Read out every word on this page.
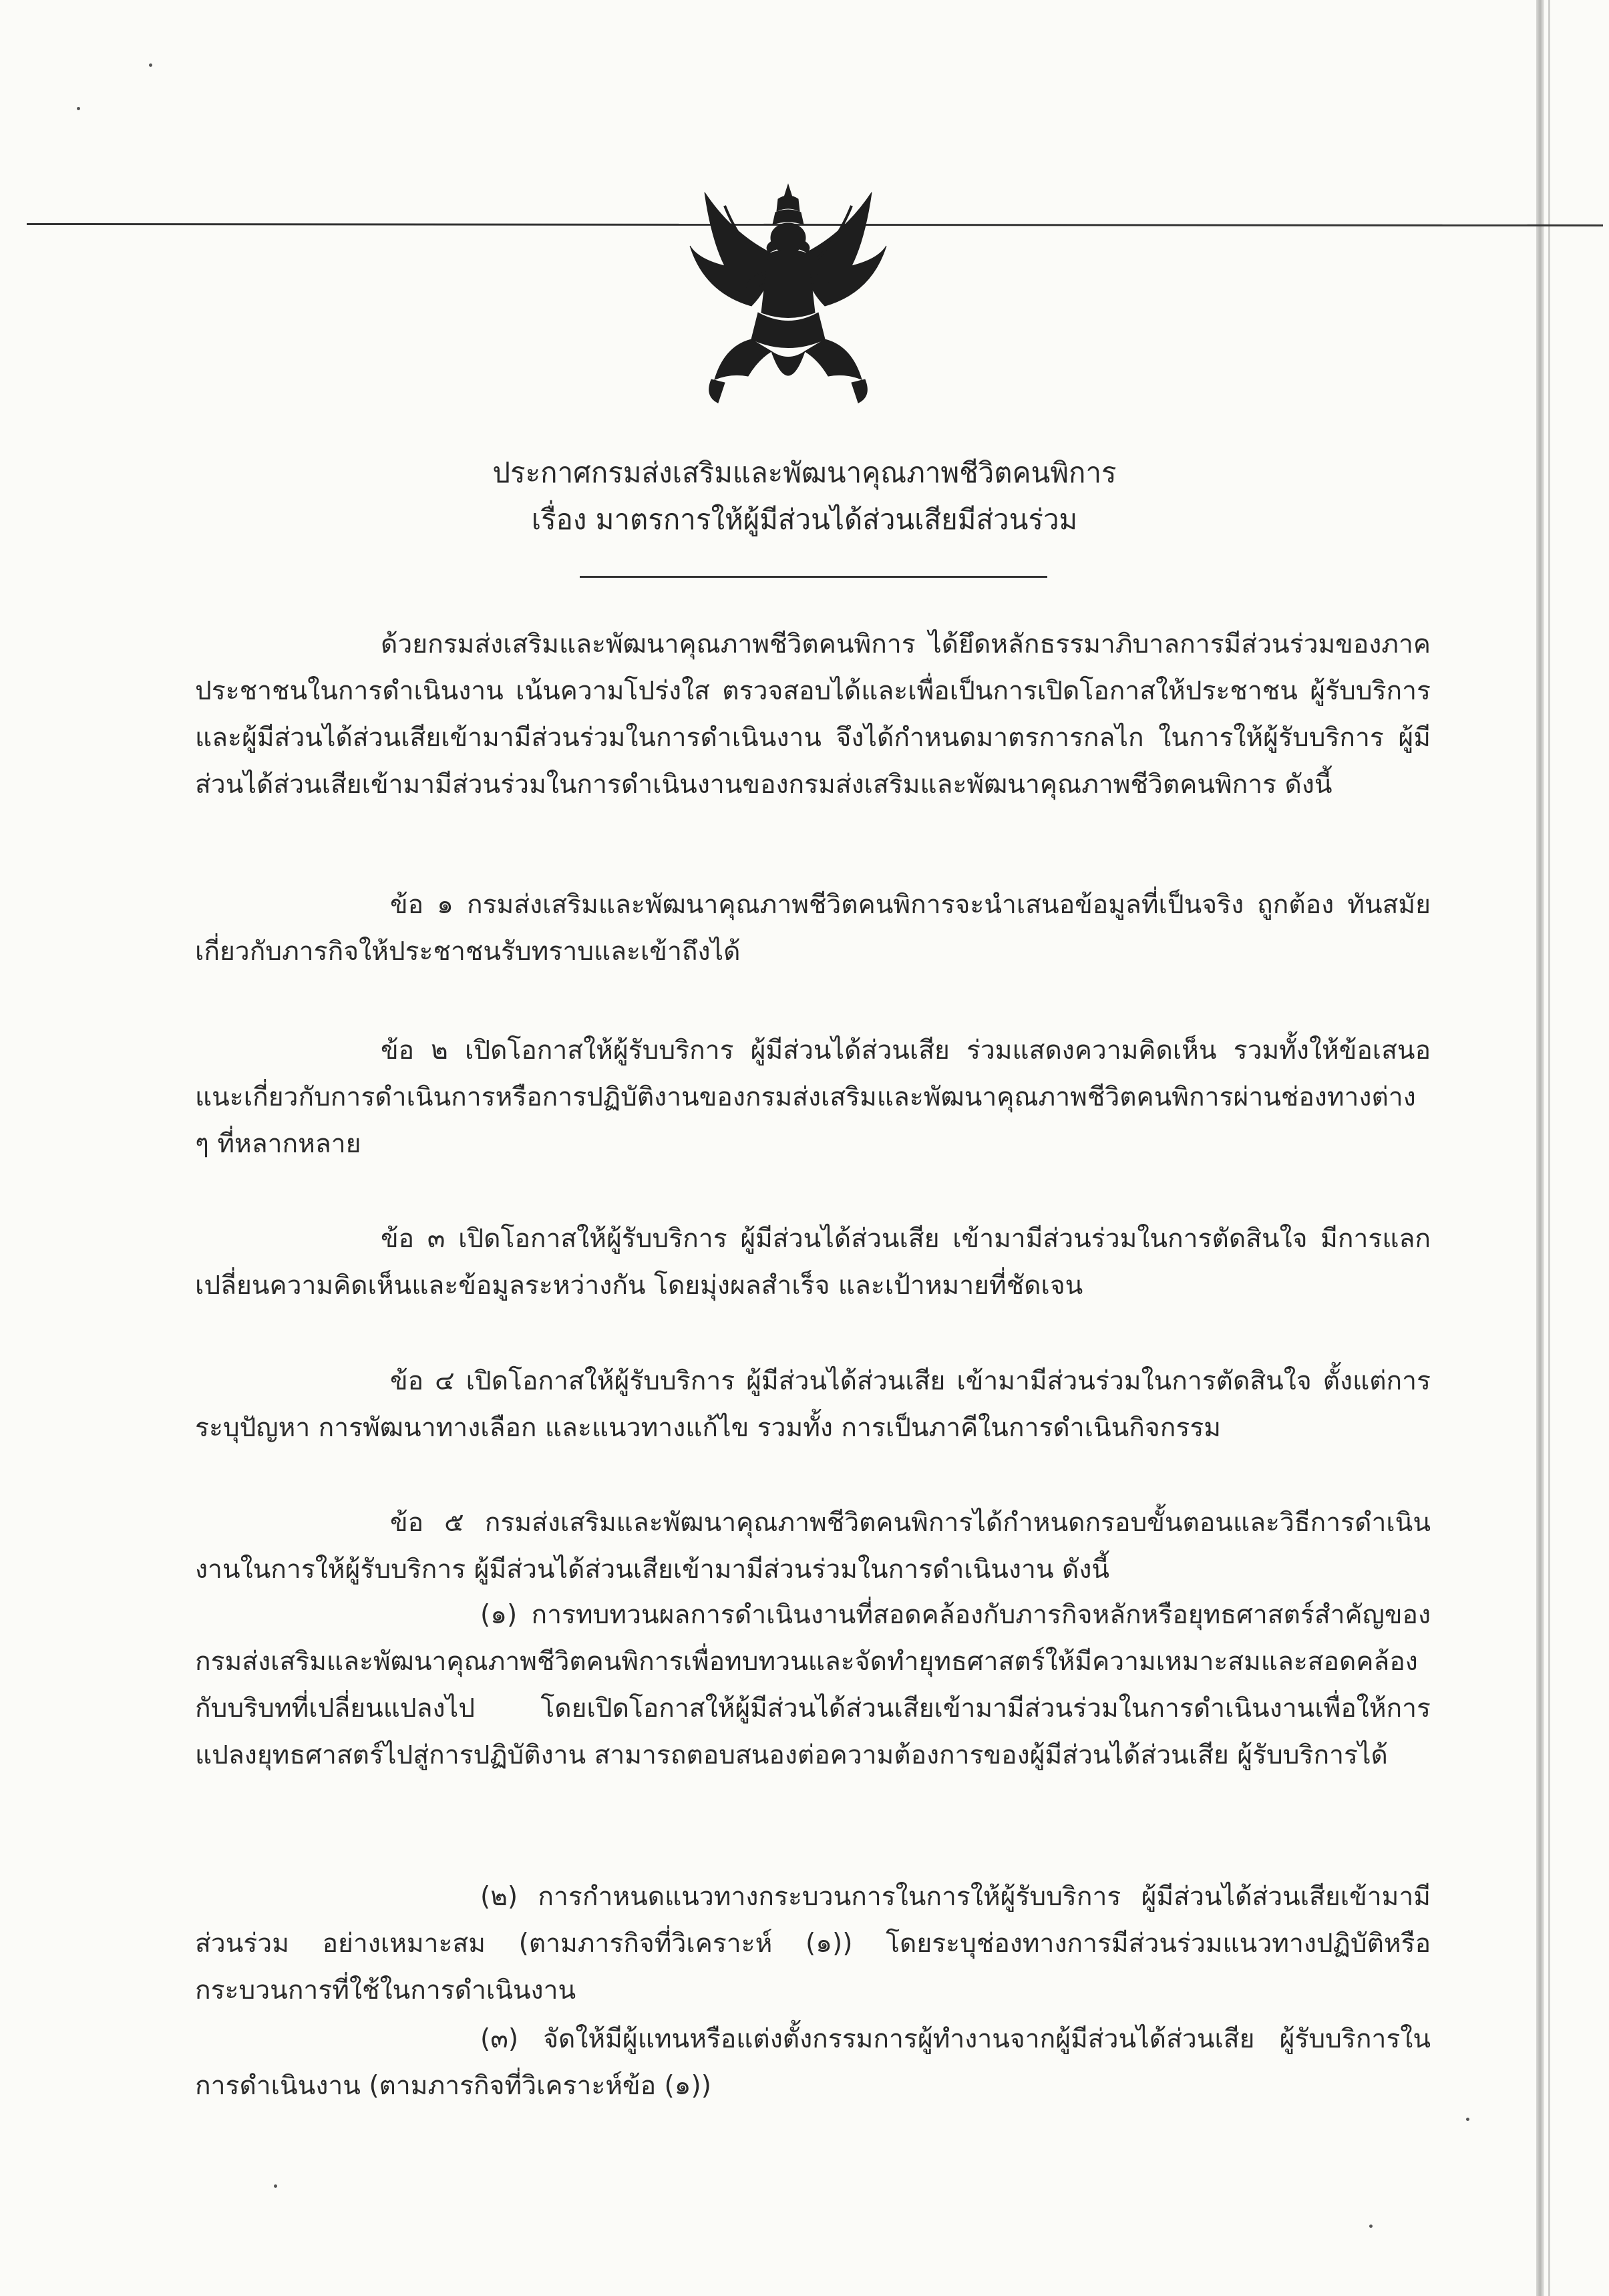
ประกาศกรมส่งเสริมและพัฒนาคุณภาพชีวิตคนพิการ
เรื่อง มาตรการให้ผู้มีส่วนได้ส่วนเสียมีส่วนร่วม

ด้วยกรมส่งเสริมและพัฒนาคุณภาพชีวิตคนพิการ ได้ยึดหลักธรรมาภิบาลการมีส่วนร่วมของภาคประชาชนในการดำเนินงาน เน้นความโปร่งใส ตรวจสอบได้และเพื่อเป็นการเปิดโอกาสให้ประชาชน ผู้รับบริการและผู้มีส่วนได้ส่วนเสียเข้ามามีส่วนร่วมในการดำเนินงาน จึงได้กำหนดมาตรการกลไก ในการให้ผู้รับบริการ ผู้มีส่วนได้ส่วนเสียเข้ามามีส่วนร่วมในการดำเนินงานของกรมส่งเสริมและพัฒนาคุณภาพชีวิตคนพิการ ดังนี้

ข้อ ๑ กรมส่งเสริมและพัฒนาคุณภาพชีวิตคนพิการจะนำเสนอข้อมูลที่เป็นจริง ถูกต้อง ทันสมัย เกี่ยวกับภารกิจให้ประชาชนรับทราบและเข้าถึงได้

ข้อ ๒ เปิดโอกาสให้ผู้รับบริการ ผู้มีส่วนได้ส่วนเสีย ร่วมแสดงความคิดเห็น รวมทั้งให้ข้อเสนอแนะเกี่ยวกับการดำเนินการหรือการปฏิบัติงานของกรมส่งเสริมและพัฒนาคุณภาพชีวิตคนพิการผ่านช่องทางต่าง ๆ ที่หลากหลาย

ข้อ ๓ เปิดโอกาสให้ผู้รับบริการ ผู้มีส่วนได้ส่วนเสีย เข้ามามีส่วนร่วมในการตัดสินใจ มีการแลกเปลี่ยนความคิดเห็นและข้อมูลระหว่างกัน โดยมุ่งผลสำเร็จ และเป้าหมายที่ชัดเจน

ข้อ ๔ เปิดโอกาสให้ผู้รับบริการ ผู้มีส่วนได้ส่วนเสีย เข้ามามีส่วนร่วมในการตัดสินใจ ตั้งแต่การระบุปัญหา การพัฒนาทางเลือก และแนวทางแก้ไข รวมทั้ง การเป็นภาคีในการดำเนินกิจกรรม

ข้อ ๕ กรมส่งเสริมและพัฒนาคุณภาพชีวิตคนพิการได้กำหนดกรอบขั้นตอนและวิธีการดำเนินงานในการให้ผู้รับบริการ ผู้มีส่วนได้ส่วนเสียเข้ามามีส่วนร่วมในการดำเนินงาน ดังนี้

(๑) การทบทวนผลการดำเนินงานที่สอดคล้องกับภารกิจหลักหรือยุทธศาสตร์สำคัญของกรมส่งเสริมและพัฒนาคุณภาพชีวิตคนพิการเพื่อทบทวนและจัดทำยุทธศาสตร์ให้มีความเหมาะสมและสอดคล้องกับบริบทที่เปลี่ยนแปลงไป โดยเปิดโอกาสให้ผู้มีส่วนได้ส่วนเสียเข้ามามีส่วนร่วมในการดำเนินงานเพื่อให้การแปลงยุทธศาสตร์ไปสู่การปฏิบัติงาน สามารถตอบสนองต่อความต้องการของผู้มีส่วนได้ส่วนเสีย ผู้รับบริการได้

(๒) การกำหนดแนวทางกระบวนการในการให้ผู้รับบริการ ผู้มีส่วนได้ส่วนเสียเข้ามามีส่วนร่วม อย่างเหมาะสม (ตามภารกิจที่วิเคราะห์ (๑)) โดยระบุช่องทางการมีส่วนร่วมแนวทางปฏิบัติหรือกระบวนการที่ใช้ในการดำเนินงาน

(๓) จัดให้มีผู้แทนหรือแต่งตั้งกรรมการผู้ทำงานจากผู้มีส่วนได้ส่วนเสีย ผู้รับบริการในการดำเนินงาน (ตามภารกิจที่วิเคราะห์ข้อ (๑))
